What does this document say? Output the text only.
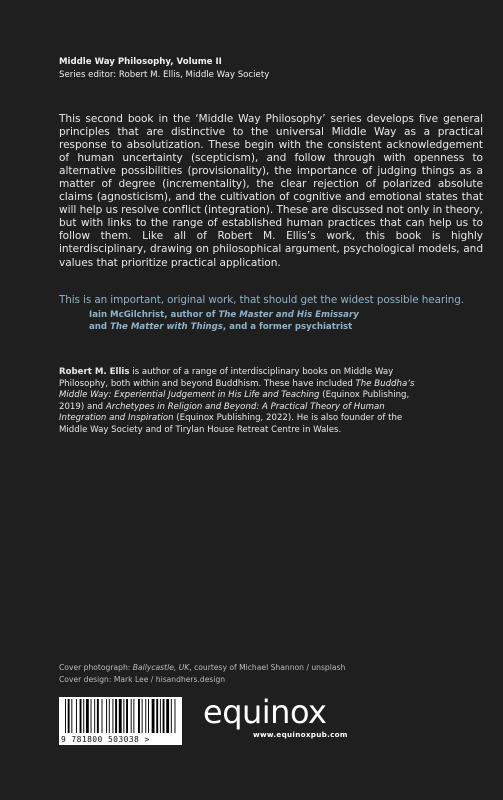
Middle Way Philosophy, Volume II
Series editor: Robert M. Ellis, Middle Way Society

This second book in the ‘Middle Way Philosophy’ series develops five general principles that are distinctive to the universal Middle Way as a practical response to absolutization. These begin with the consistent acknowledgement of human uncertainty (scepticism), and follow through with openness to alternative possibilities (provisionality), the importance of judging things as a matter of degree (incrementality), the clear rejection of polarized absolute claims (agnosticism), and the cultivation of cognitive and emotional states that will help us resolve conflict (integration). These are discussed not only in theory, but with links to the range of established human practices that can help us to follow them. Like all of Robert M. Ellis’s work, this book is highly interdisciplinary, drawing on philosophical argument, psychological models, and values that prioritize practical application.

This is an important, original work, that should get the widest possible hearing.
Iain McGilchrist, author of The Master and His Emissary
and The Matter with Things, and a former psychiatrist

Robert M. Ellis is author of a range of interdisciplinary books on Middle Way Philosophy, both within and beyond Buddhism. These have included The Buddha’s Middle Way: Experiential Judgement in His Life and Teaching (Equinox Publishing, 2019) and Archetypes in Religion and Beyond: A Practical Theory of Human Integration and Inspiration (Equinox Publishing, 2022). He is also founder of the Middle Way Society and of Tirylan House Retreat Centre in Wales.

Cover photograph: Ballycastle, UK, courtesy of Michael Shannon / unsplash
Cover design: Mark Lee / hisandhers.design
9 781800 503038 >
equinox
www.equinoxpub.com
